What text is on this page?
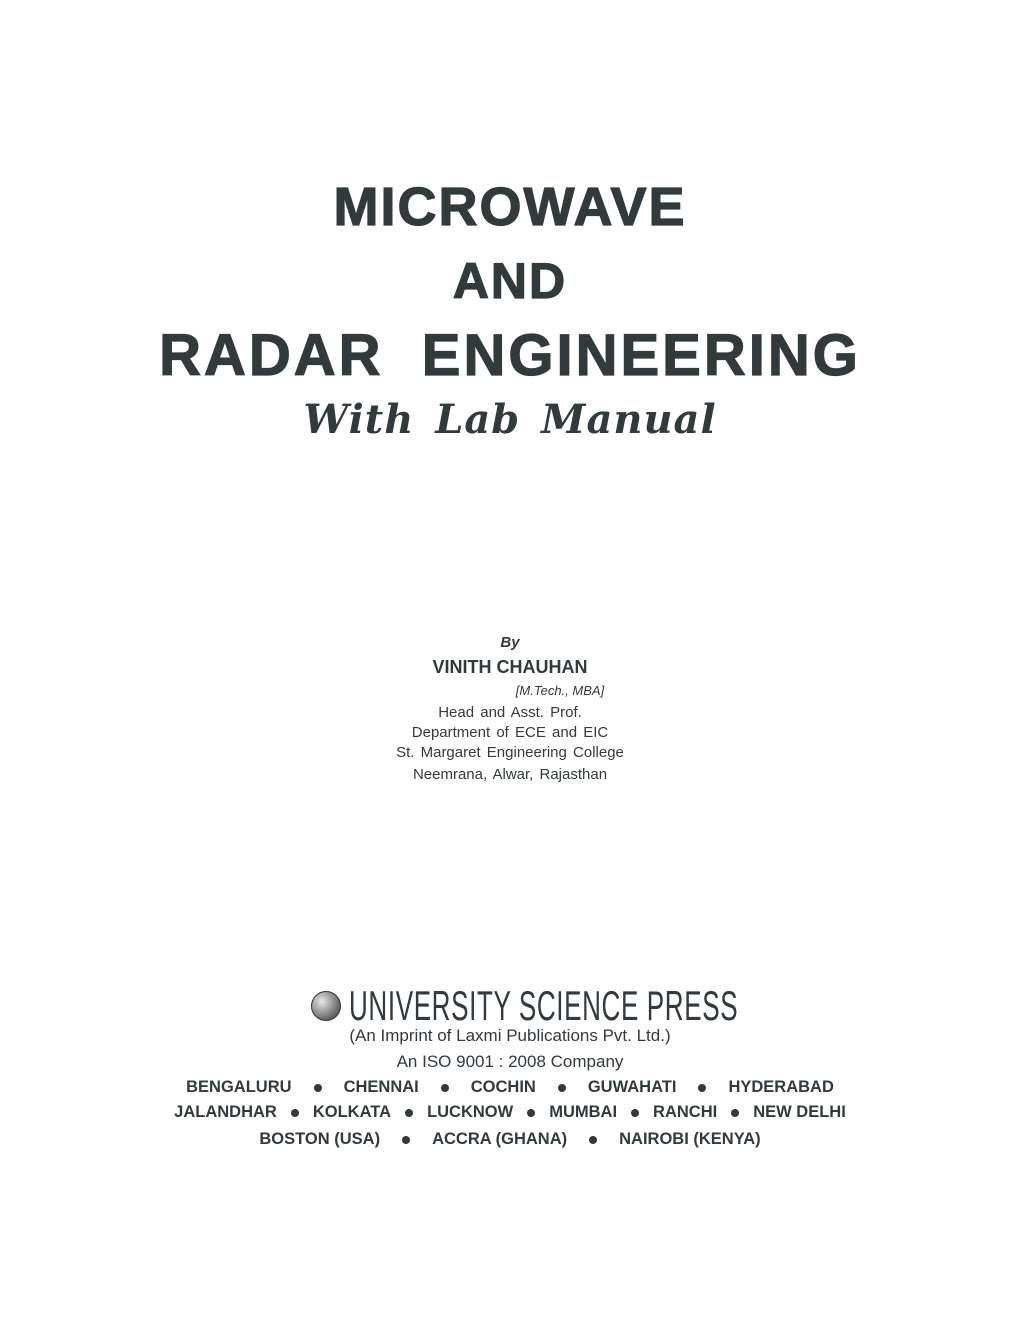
MICROWAVE
AND
RADAR  ENGINEERING
With Lab Manual
By
VINITH CHAUHAN
[M.Tech., MBA]
Head and Asst. Prof.
Department of ECE and EIC
St. Margaret Engineering College
Neemrana, Alwar, Rajasthan
UNIVERSITY SCIENCE PRESS
(An Imprint of Laxmi Publications Pvt. Ltd.)
An ISO 9001 : 2008 Company
BENGALURU	CHENNAI	COCHIN	GUWAHATI	HYDERABAD
JALANDHAR KOLKATA LUCKNOW MUMBAI RANCHI NEW DELHI
BOSTON (USA)	ACCRA (GHANA)	NAIROBI (KENYA)
